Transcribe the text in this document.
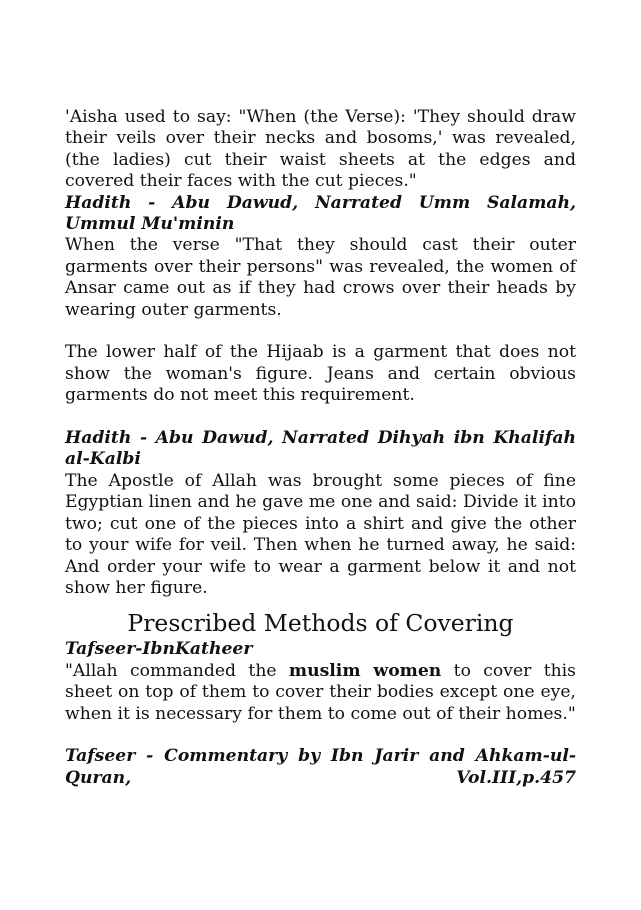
'Aisha used to say: "When (the Verse): 'They should draw their veils over their necks and bosoms,' was revealed, (the ladies) cut their waist sheets at the edges and covered their faces with the cut pieces."

Hadith - Abu Dawud, Narrated Umm Salamah, Ummul Mu'minin

When the verse "That they should cast their outer garments over their persons" was revealed, the women of Ansar came out as if they had crows over their heads by wearing outer garments.

The lower half of the Hijaab is a garment that does not show the woman's figure. Jeans and certain obvious garments do not meet this requirement.

Hadith - Abu Dawud, Narrated Dihyah ibn Khalifah al-Kalbi

The Apostle of Allah was brought some pieces of fine Egyptian linen and he gave me one and said: Divide it into two; cut one of the pieces into a shirt and give the other to your wife for veil. Then when he turned away, he said: And order your wife to wear a garment below it and not show her figure.

Prescribed Methods of Covering

Tafseer-IbnKatheer

"Allah commanded the muslim women to cover this sheet on top of them to cover their bodies except one eye, when it is necessary for them to come out of their homes."

Tafseer - Commentary by Ibn Jarir and Ahkam-ul- Quran,	Vol.III,p.457
